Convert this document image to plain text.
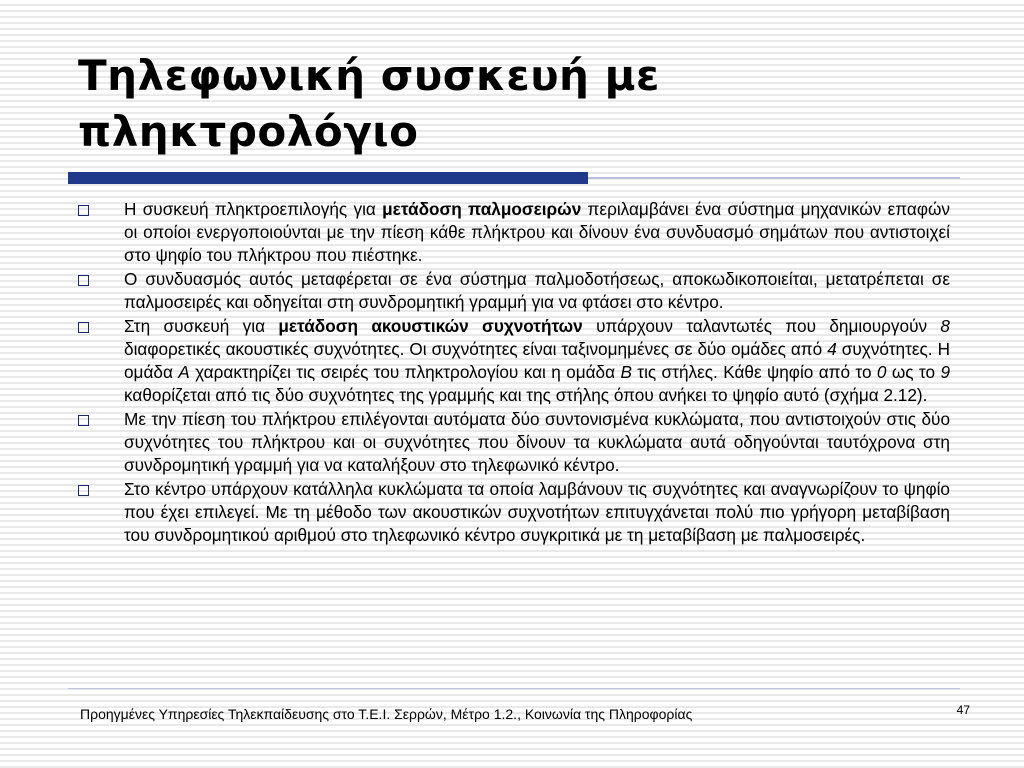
Τηλεφωνική συσκευή με πληκτρολόγιο
Η συσκευή πληκτροεπιλογής για μετάδοση παλμοσειρών περιλαμβάνει ένα σύστημα μηχανικών επαφών οι οποίοι ενεργοποιούνται με την πίεση κάθε πλήκτρου και δίνουν ένα συνδυασμό σημάτων που αντιστοιχεί στο ψηφίο του πλήκτρου που πιέστηκε.
Ο συνδυασμός αυτός μεταφέρεται σε ένα σύστημα παλμοδοτήσεως, αποκωδικοποιείται, μετατρέπεται σε παλμοσειρές και οδηγείται στη συνδρομητική γραμμή για να φτάσει στο κέντρο.
Στη συσκευή για μετάδοση ακουστικών συχνοτήτων υπάρχουν ταλαντωτές που δημιουργούν 8 διαφορετικές ακουστικές συχνότητες. Οι συχνότητες είναι ταξινομημένες σε δύο ομάδες από 4 συχνότητες. Η ομάδα Α χαρακτηρίζει τις σειρές του πληκτρολογίου και η ομάδα Β τις στήλες. Κάθε ψηφίο από το 0 ως το 9 καθορίζεται από τις δύο συχνότητες της γραμμής και της στήλης όπου ανήκει το ψηφίο αυτό (σχήμα 2.12).
Με την πίεση του πλήκτρου επιλέγονται αυτόματα δύο συντονισμένα κυκλώματα, που αντιστοιχούν στις δύο συχνότητες του πλήκτρου και οι συχνότητες που δίνουν τα κυκλώματα αυτά οδηγούνται ταυτόχρονα στη συνδρομητική γραμμή για να καταλήξουν στο τηλεφωνικό κέντρο.
Στο κέντρο υπάρχουν κατάλληλα κυκλώματα τα οποία λαμβάνουν τις συχνότητες και αναγνωρίζουν το ψηφίο που έχει επιλεγεί. Με τη μέθοδο των ακουστικών συχνοτήτων επιτυγχάνεται πολύ πιο γρήγορη μεταβίβαση του συνδρομητικού αριθμού στο τηλεφωνικό κέντρο συγκριτικά με τη μεταβίβαση με παλμοσειρές.
Προηγμένες Υπηρεσίες Τηλεκπαίδευσης στο Τ.Ε.Ι. Σερρών, Μέτρο 1.2., Κοινωνία της Πληροφορίας	47
